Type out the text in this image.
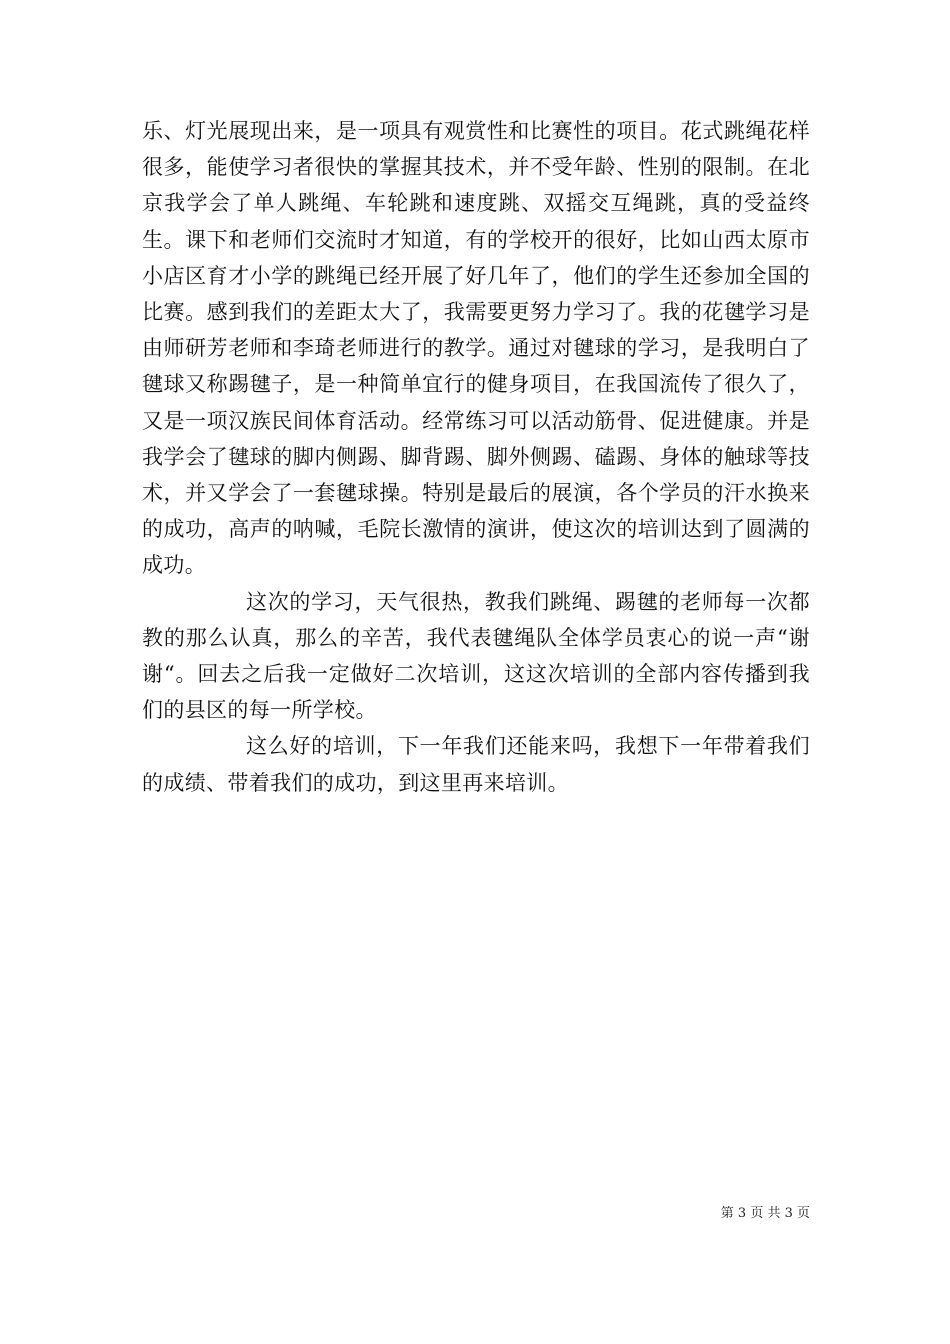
乐、灯光展现出来，是一项具有观赏性和比赛性的项目。花式跳绳花样很多，能使学习者很快的掌握其技术，并不受年龄、性别的限制。在北京我学会了单人跳绳、车轮跳和速度跳、双摇交互绳跳，真的受益终生。课下和老师们交流时才知道，有的学校开的很好，比如山西太原市小店区育才小学的跳绳已经开展了好几年了，他们的学生还参加全国的比赛。感到我们的差距太大了，我需要更努力学习了。我的花毽学习是由师研芳老师和李琦老师进行的教学。通过对毽球的学习，是我明白了毽球又称踢毽子，是一种简单宜行的健身项目，在我国流传了很久了，又是一项汉族民间体育活动。经常练习可以活动筋骨、促进健康。并是我学会了毽球的脚内侧踢、脚背踢、脚外侧踢、磕踢、身体的触球等技术，并又学会了一套毽球操。特别是最后的展演，各个学员的汗水换来的成功，高声的呐喊，毛院长激情的演讲，使这次的培训达到了圆满的成功。

这次的学习，天气很热，教我们跳绳、踢毽的老师每一次都教的那么认真，那么的辛苦，我代表毽绳队全体学员衷心的说一声“谢谢“。回去之后我一定做好二次培训，这这次培训的全部内容传播到我们的县区的每一所学校。

这么好的培训，下一年我们还能来吗，我想下一年带着我们的成绩、带着我们的成功，到这里再来培训。

第 3 页 共 3 页
